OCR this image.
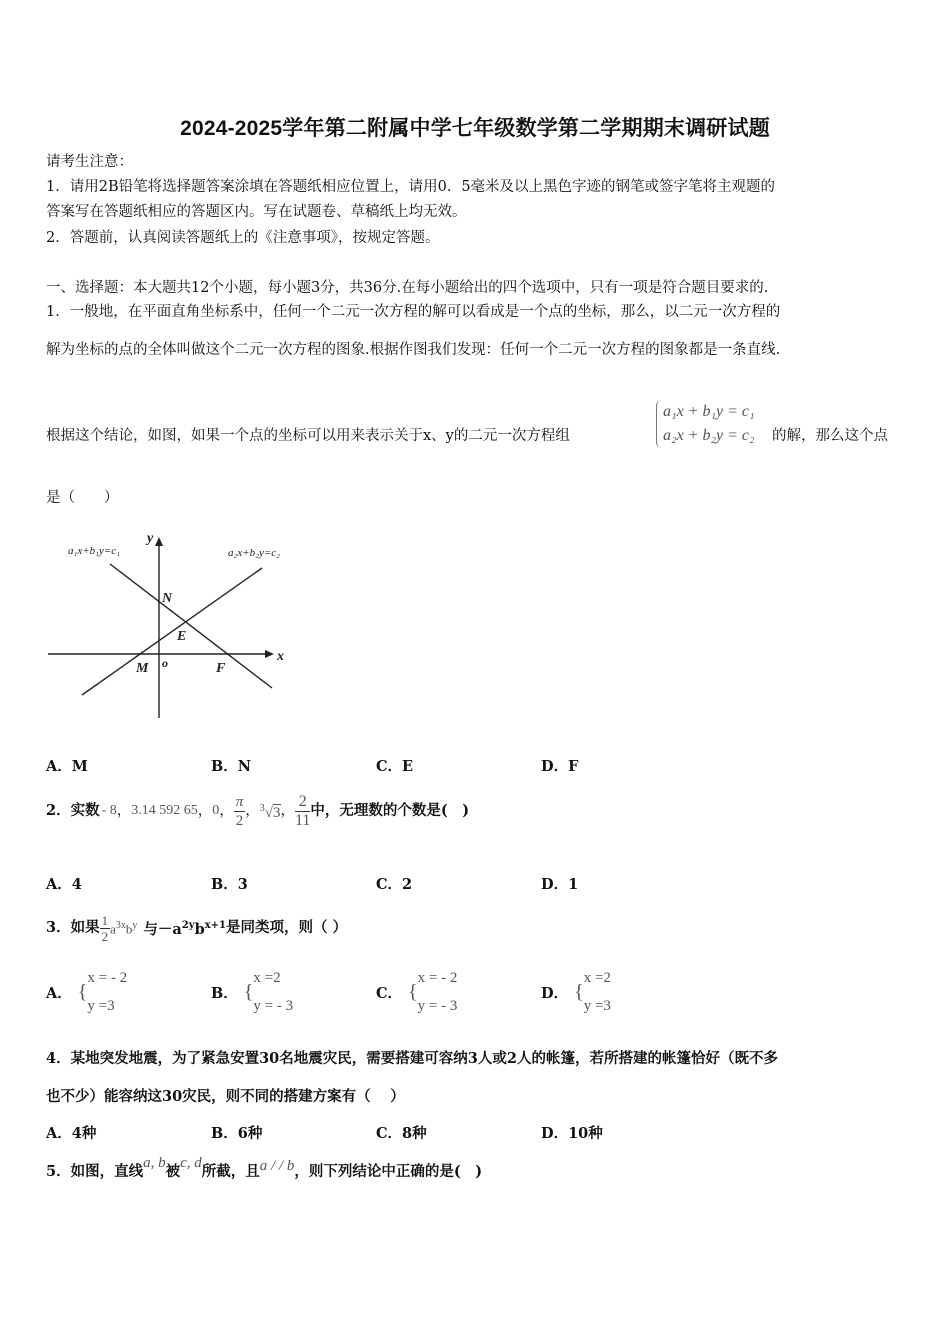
2024-2025学年第二附属中学七年级数学第二学期期末调研试题
请考生注意：
1．请用2B铅笔将选择题答案涂填在答题纸相应位置上，请用0．5毫米及以上黑色字迹的钢笔或签字笔将主观题的
答案写在答题纸相应的答题区内。写在试题卷、草稿纸上均无效。
2．答题前，认真阅读答题纸上的《注意事项》，按规定答题。
一、选择题：本大题共12个小题，每小题3分，共36分.在每小题给出的四个选项中，只有一项是符合题目要求的.
1．一般地，在平面直角坐标系中，任何一个二元一次方程的解可以看成是一个点的坐标，那么，以二元一次方程的
解为坐标的点的全体叫做这个二元一次方程的图象.根据作图我们发现：任何一个二元一次方程的图象都是一条直线.
根据这个结论，如图，如果一个点的坐标可以用来表示关于x、y的二元一次方程组
a₁x + b₁y = c₁
a₂x + b₂y = c₂ 的解，那么这个点
是（　　）
a₁x+b₁y=c₁	a₂x+b₂y=c₂
y
x
o
N
E
M	F
A．M	B．N	C．E	D．F
2．实数 - 8 ， 3.14 592 65 ， 0 ， $\frac{\pi}{2}$ ， $^3$√3 ， $\frac{2}{11}$ 中，无理数的个数是(　)
A．4	B．3	C．2	D．1
3．如果 $\frac{1}{2} a^{3x}b^y$ 与$-a^{2y}b^{x+1}$ 是同类项，则（ ）
A． {
x = - 2
y =3
B． {
x =2
y = - 3
C． {
x = - 2
y = - 3
D． {
x =2
y =3
4．某地突发地震，为了紧急安置30名地震灾民，需要搭建可容纳3人或2人的帐篷，若所搭建的帐篷恰好（既不多
也不少）能容纳这30灾民，则不同的搭建方案有（　 ）
A．4种	B．6种	C．8种	D．10种
5．如图，直线 a, b 被 c, d 所截，且 a / / b ，则下列结论中正确的是(　)
